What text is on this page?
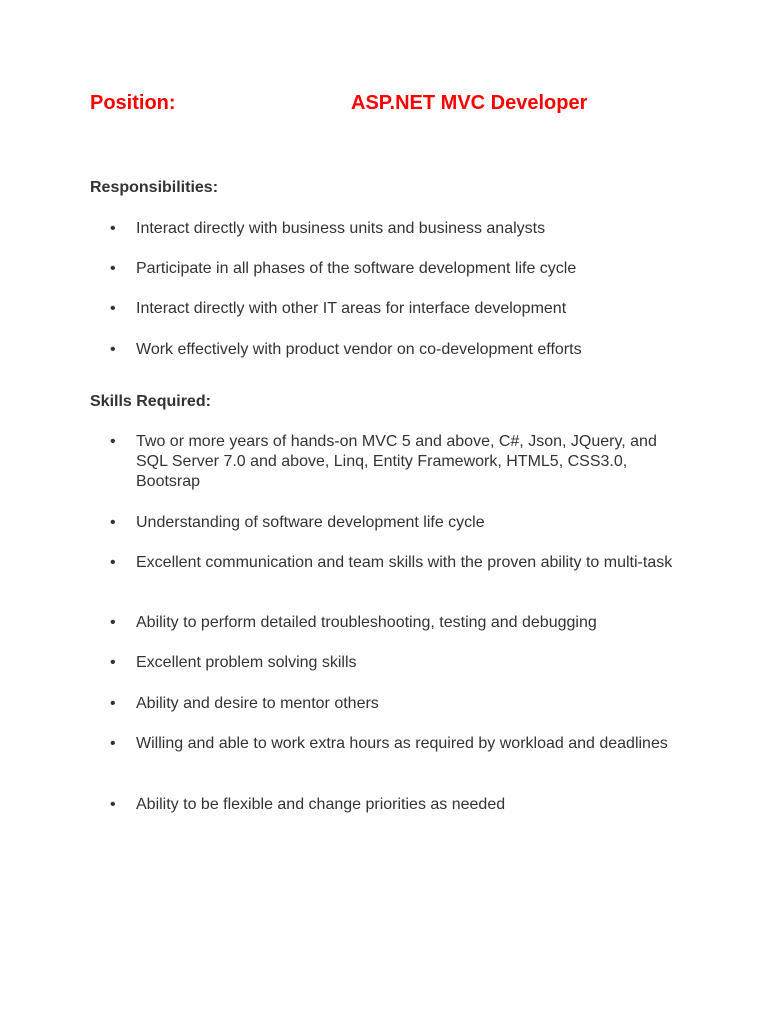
Position:	ASP.NET MVC Developer
Responsibilities:
• Interact directly with business units and business analysts
• Participate in all phases of the software development life cycle
• Interact directly with other IT areas for interface development
• Work effectively with product vendor on co-development efforts
Skills Required:
• Two or more years of hands-on MVC 5 and above, C#, Json, JQuery, and SQL Server 7.0 and above, Linq, Entity Framework, HTML5, CSS3.0, Bootsrap
• Understanding of software development life cycle
• Excellent communication and team skills with the proven ability to multi-task
• Ability to perform detailed troubleshooting, testing and debugging
• Excellent problem solving skills
• Ability and desire to mentor others
• Willing and able to work extra hours as required by workload and deadlines
• Ability to be flexible and change priorities as needed
